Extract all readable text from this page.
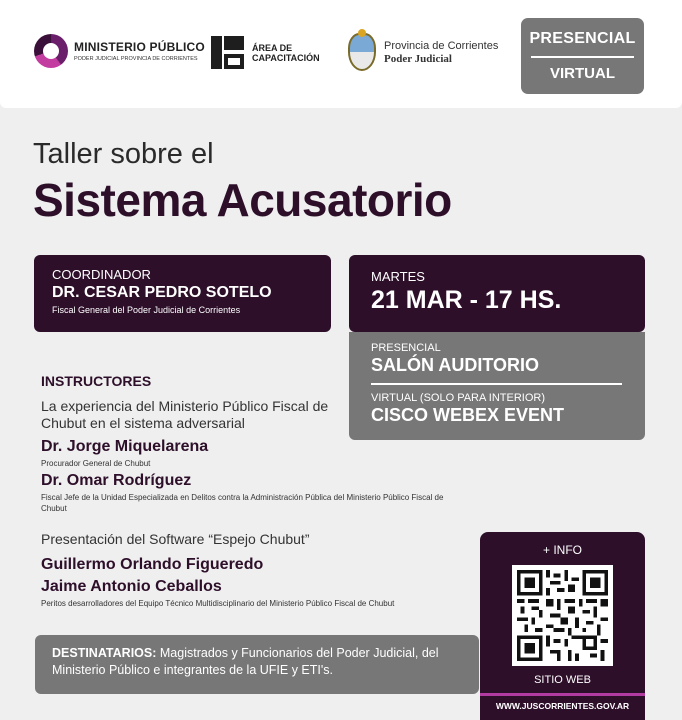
MINISTERIO PÚBLICO
PODER JUDICIAL PROVINCIA DE CORRIENTES
ÁREA DE
CAPACITACIÓN
Provincia de Corrientes
Poder Judicial
PRESENCIAL
VIRTUAL
Taller sobre el
Sistema Acusatorio
COORDINADOR
DR. CESAR PEDRO SOTELO
Fiscal General del Poder Judicial de Corrientes
MARTES
21 MAR - 17 HS.
PRESENCIAL
SALÓN AUDITORIO
VIRTUAL (SOLO PARA INTERIOR)
CISCO WEBEX EVENT
INSTRUCTORES
La experiencia del Ministerio Público Fiscal de Chubut en el sistema adversarial
Dr. Jorge Miquelarena
Procurador General de Chubut
Dr. Omar Rodríguez
Fiscal Jefe de la Unidad Especializada en Delitos contra la Administración Pública del Ministerio Público Fiscal de Chubut
Presentación del Software “Espejo Chubut”
Guillermo Orlando Figueredo
Jaime Antonio Ceballos
Peritos desarrolladores del Equipo Técnico Multidisciplinario del Ministerio Público Fiscal de Chubut
DESTINATARIOS: Magistrados y Funcionarios del Poder Judicial, del Ministerio Público e integrantes de la UFIE y ETI's.
+ INFO
SITIO WEB
WWW.JUSCORRIENTES.GOV.AR
